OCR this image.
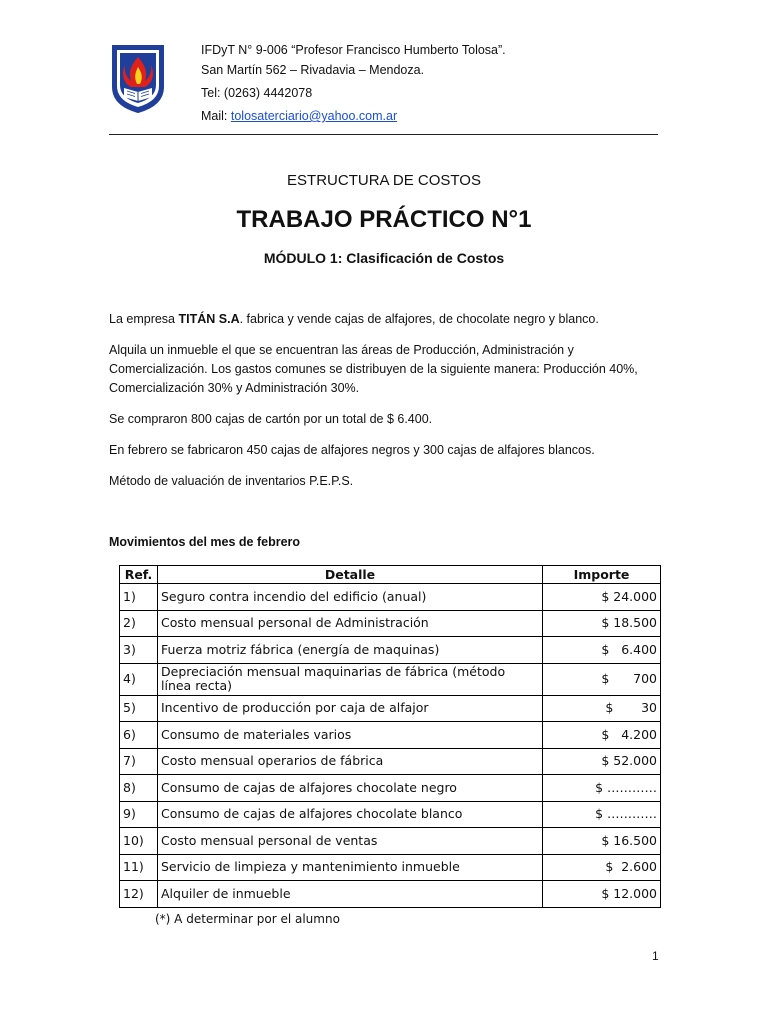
IFDyT N° 9-006 “Profesor Francisco Humberto Tolosa”.
San Martín 562 – Rivadavia – Mendoza.
Tel: (0263) 4442078
Mail: tolosaterciario@yahoo.com.ar
ESTRUCTURA DE COSTOS
TRABAJO PRÁCTICO N°1
MÓDULO 1: Clasificación de Costos
La empresa TITÁN S.A. fabrica y vende cajas de alfajores, de chocolate negro y blanco.
Alquila un inmueble el que se encuentran las áreas de Producción, Administración y Comercialización. Los gastos comunes se distribuyen de la siguiente manera: Producción 40%, Comercialización 30% y Administración 30%.
Se compraron 800 cajas de cartón por un total de $ 6.400.
En febrero se fabricaron 450 cajas de alfajores negros y 300 cajas de alfajores blancos.
Método de valuación de inventarios P.E.P.S.
Movimientos del mes de febrero
Ref.	Detalle	Importe
1)	Seguro contra incendio del edificio (anual)	$ 24.000
2)	Costo mensual personal de Administración	$ 18.500
3)	Fuerza motriz fábrica (energía de maquinas)	$   6.400
4)	Depreciación mensual maquinarias de fábrica (método línea recta)	$      700
5)	Incentivo de producción por caja de alfajor	$       30
6)	Consumo de materiales varios	$   4.200
7)	Costo mensual operarios de fábrica	$ 52.000
8)	Consumo de cajas de alfajores chocolate negro	$ …………
9)	Consumo de cajas de alfajores chocolate blanco	$ …………
10)	Costo mensual personal de ventas	$ 16.500
11)	Servicio de limpieza y mantenimiento inmueble	$  2.600
12)	Alquiler de inmueble	$ 12.000
(*) A determinar por el alumno
1
